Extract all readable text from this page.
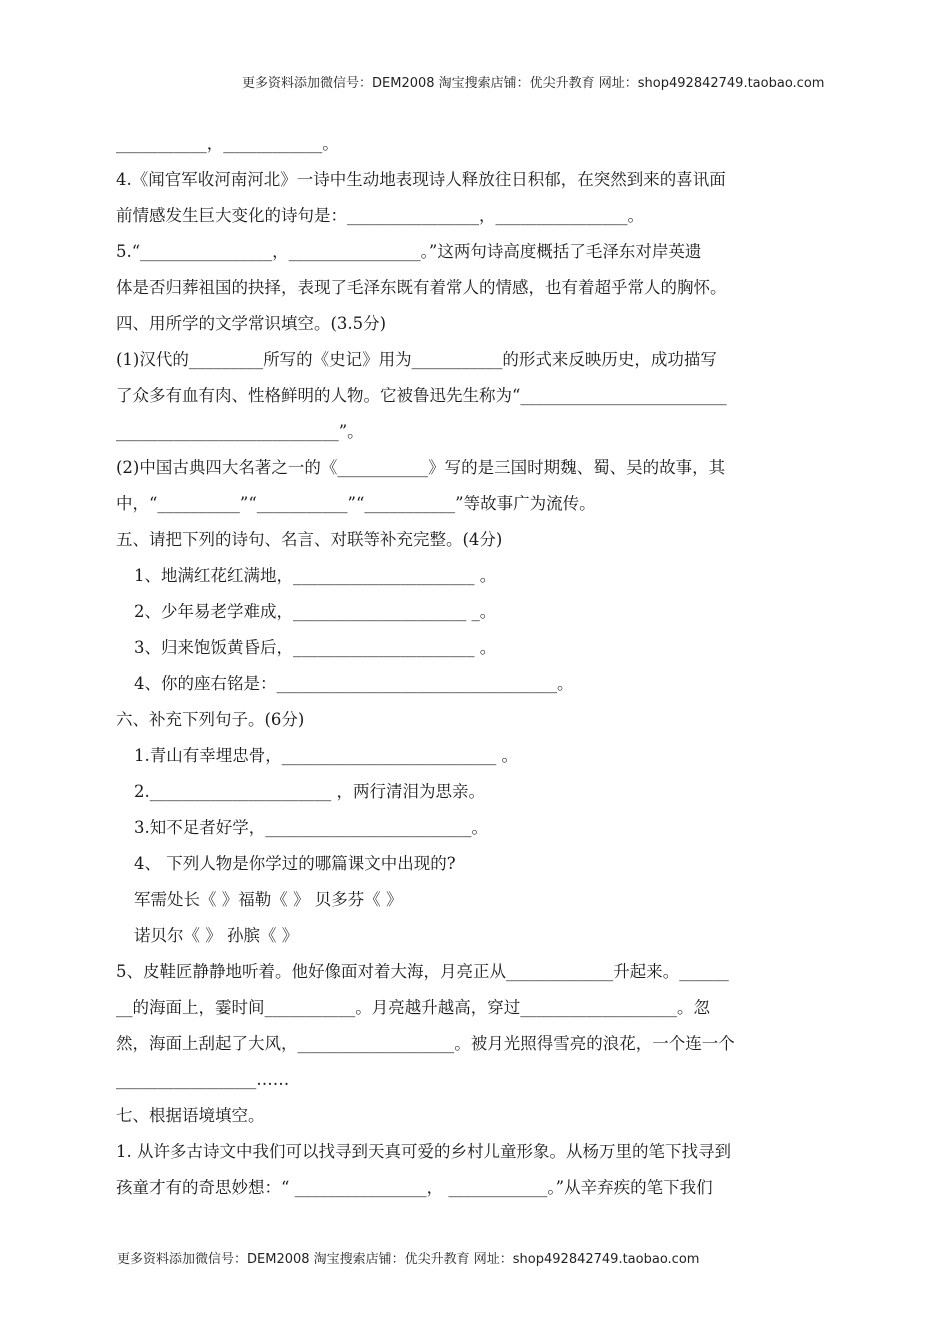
更多资料添加微信号：DEM2008 淘宝搜索店铺：优尖升教育 网址：shop492842749.taobao.com
___________，____________。
4.《闻官军收河南河北》一诗中生动地表现诗人释放往日积郁，在突然到来的喜讯面
前情感发生巨大变化的诗句是：________________，________________。
5.“________________，________________。”这两句诗高度概括了毛泽东对岸英遗
体是否归葬祖国的抉择，表现了毛泽东既有着常人的情感，也有着超乎常人的胸怀。
四、用所学的文学常识填空。(3.5分)
(1)汉代的_________所写的《史记》用为___________的形式来反映历史，成功描写
了众多有血有肉、性格鲜明的人物。它被鲁迅先生称为“_________________________
___________________________”。
(2)中国古典四大名著之一的《___________》写的是三国时期魏、蜀、吴的故事，其
中，“__________”“___________”“___________”等故事广为流传。
五、请把下列的诗句、名言、对联等补充完整。(4分)
1、地满红花红满地，______________________ 。
2、少年易老学难成，_____________________ _。
3、归来饱饭黄昏后，______________________ 。
4、你的座右铭是：__________________________________。
六、补充下列句子。(6分)
1.青山有幸埋忠骨，__________________________ 。
2.______________________ ，两行清泪为思亲。
3.知不足者好学，_________________________。
4、 下列人物是你学过的哪篇课文中出现的?
军需处长《 》福勒《 》 贝多芬《 》
诺贝尔《 》 孙膑《 》
5、皮鞋匠静静地听着。他好像面对着大海，月亮正从_____________升起来。______
__的海面上，霎时间___________。月亮越升越高，穿过___________________。忽
然，海面上刮起了大风，___________________。被月光照得雪亮的浪花，一个连一个
_________________……
七、根据语境填空。
1. 从许多古诗文中我们可以找寻到天真可爱的乡村儿童形象。从杨万里的笔下找寻到
孩童才有的奇思妙想：“ ________________， ____________。”从辛弃疾的笔下我们
更多资料添加微信号：DEM2008 淘宝搜索店铺：优尖升教育 网址：shop492842749.taobao.com
